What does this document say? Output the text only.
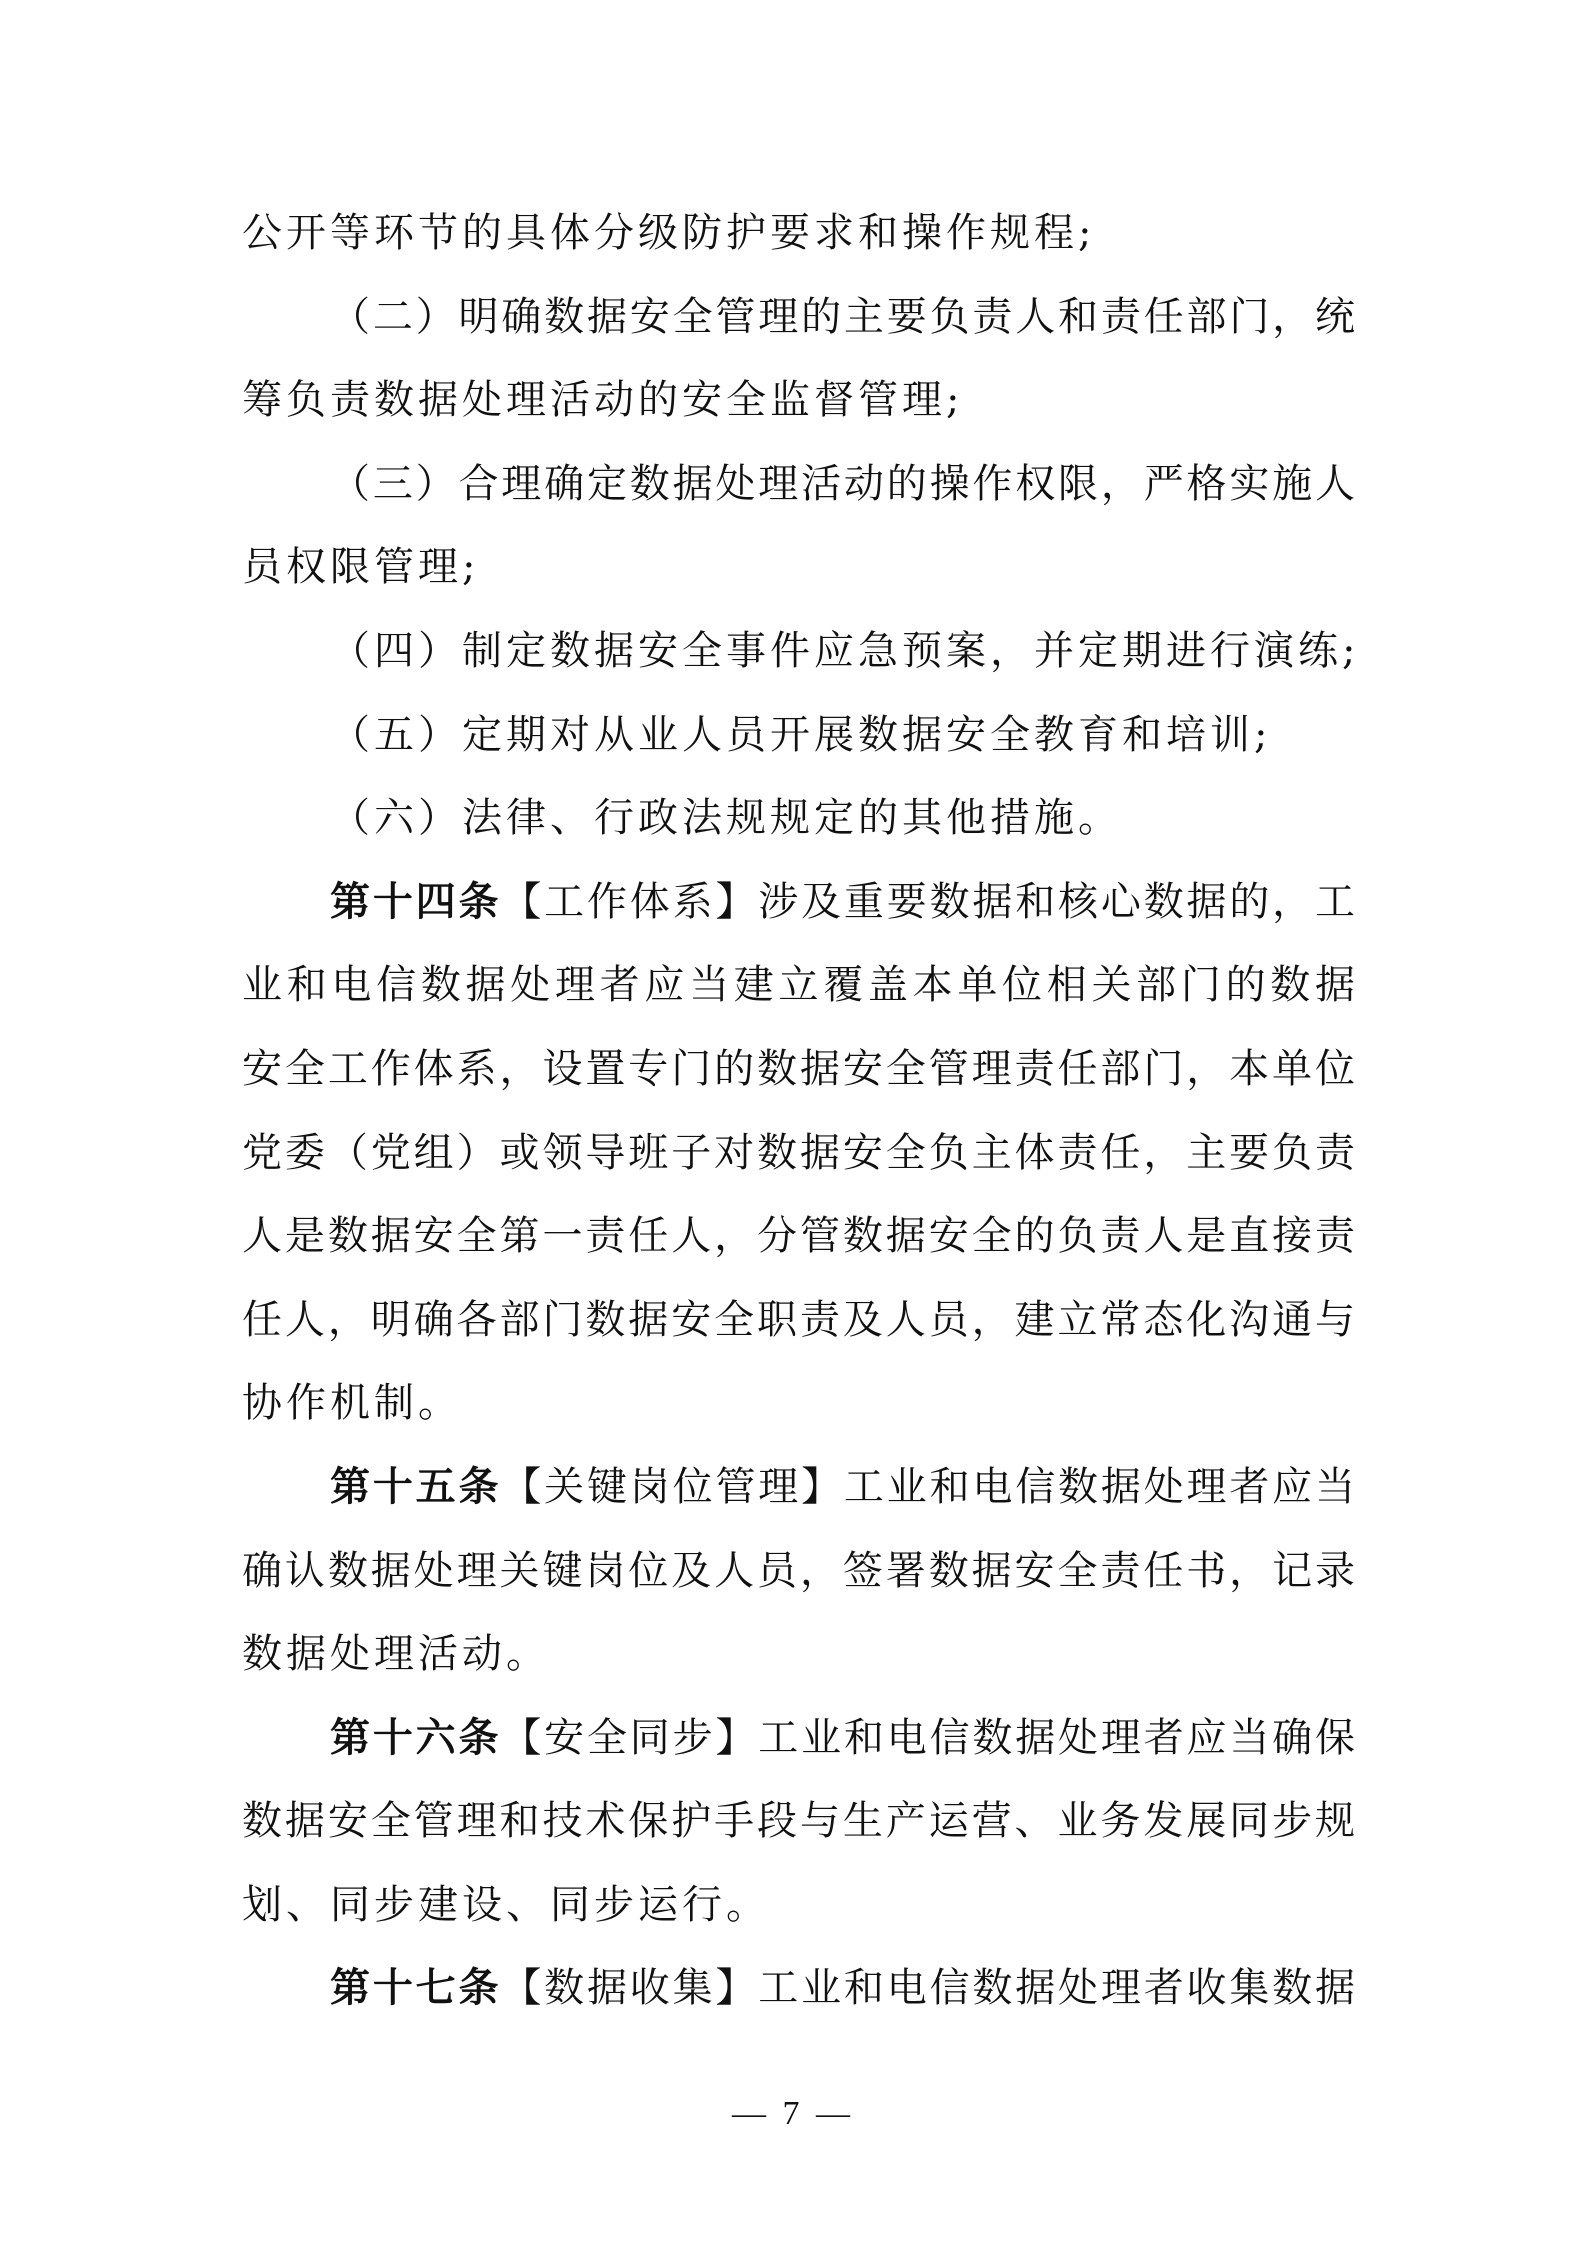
公开等环节的具体分级防护要求和操作规程;
（二）明确数据安全管理的主要负责人和责任部门，统
筹负责数据处理活动的安全监督管理;
（三）合理确定数据处理活动的操作权限，严格实施人
员权限管理;
（四）制定数据安全事件应急预案，并定期进行演练;
（五）定期对从业人员开展数据安全教育和培训;
（六）法律、行政法规规定的其他措施。
第十四条【工作体系】涉及重要数据和核心数据的，工
业和电信数据处理者应当建立覆盖本单位相关部门的数据
安全工作体系，设置专门的数据安全管理责任部门，本单位
党委（党组）或领导班子对数据安全负主体责任，主要负责
人是数据安全第一责任人，分管数据安全的负责人是直接责
任人，明确各部门数据安全职责及人员，建立常态化沟通与
协作机制。
第十五条【关键岗位管理】工业和电信数据处理者应当
确认数据处理关键岗位及人员，签署数据安全责任书，记录
数据处理活动。
第十六条【安全同步】工业和电信数据处理者应当确保
数据安全管理和技术保护手段与生产运营、业务发展同步规
划、同步建设、同步运行。
第十七条【数据收集】工业和电信数据处理者收集数据
— 7 —
